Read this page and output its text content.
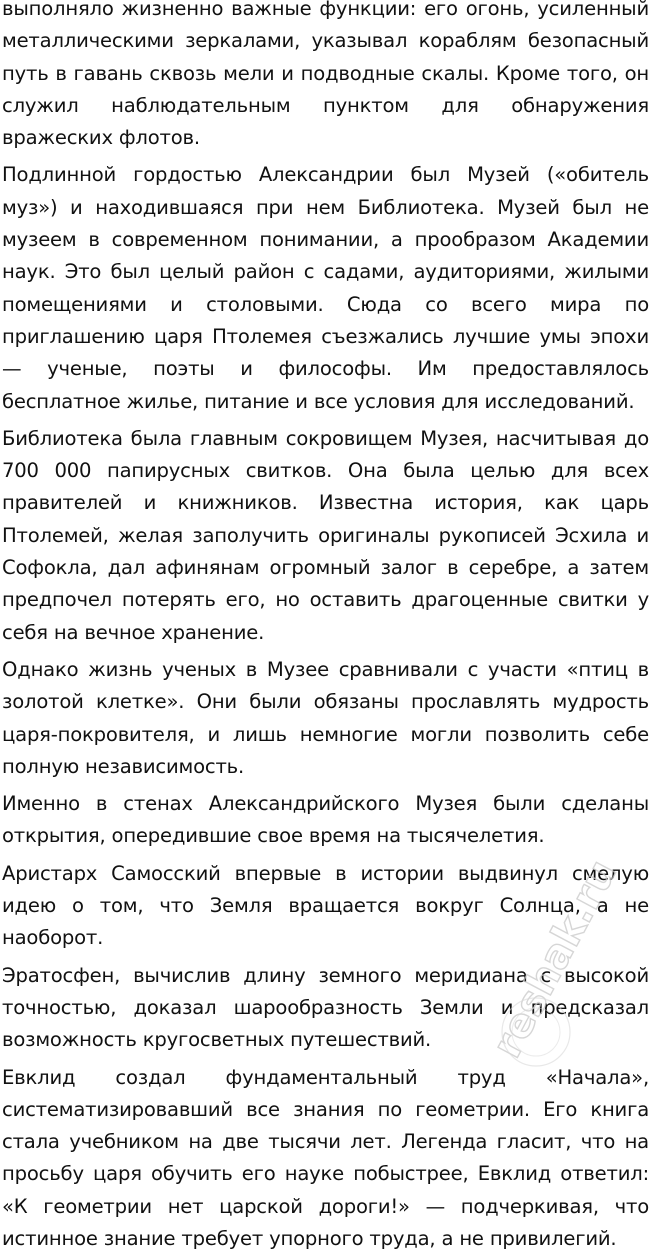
выполняло жизненно важные функции: его огонь, усиленный металлическими зеркалами, указывал кораблям безопасный путь в гавань сквозь мели и подводные скалы. Кроме того, он служил наблюдательным пунктом для обнаружения вражеских флотов.

Подлинной гордостью Александрии был Музей («обитель муз») и находившаяся при нем Библиотека. Музей был не музеем в современном понимании, а прообразом Академии наук. Это был целый район с садами, аудиториями, жилыми помещениями и столовыми. Сюда со всего мира по приглашению царя Птолемея съезжались лучшие умы эпохи — ученые, поэты и философы. Им предоставлялось бесплатное жилье, питание и все условия для исследований.

Библиотека была главным сокровищем Музея, насчитывая до 700 000 папирусных свитков. Она была целью для всех правителей и книжников. Известна история, как царь Птолемей, желая заполучить оригиналы рукописей Эсхила и Софокла, дал афинянам огромный залог в серебре, а затем предпочел потерять его, но оставить драгоценные свитки у себя на вечное хранение.

Однако жизнь ученых в Музее сравнивали с участи «птиц в золотой клетке». Они были обязаны прославлять мудрость царя-покровителя, и лишь немногие могли позволить себе полную независимость.

Именно в стенах Александрийского Музея были сделаны открытия, опередившие свое время на тысячелетия.

Аристарх Самосский впервые в истории выдвинул смелую идею о том, что Земля вращается вокруг Солнца, а не наоборот.

Эратосфен, вычислив длину земного меридиана с высокой точностью, доказал шарообразность Земли и предсказал возможность кругосветных путешествий.

Евклид создал фундаментальный труд «Начала», систематизировавший все знания по геометрии. Его книга стала учебником на две тысячи лет. Легенда гласит, что на просьбу царя обучить его науке побыстрее, Евклид ответил: «К геометрии нет царской дороги!» — подчеркивая, что истинное знание требует упорного труда, а не привилегий.

reshak.ru
